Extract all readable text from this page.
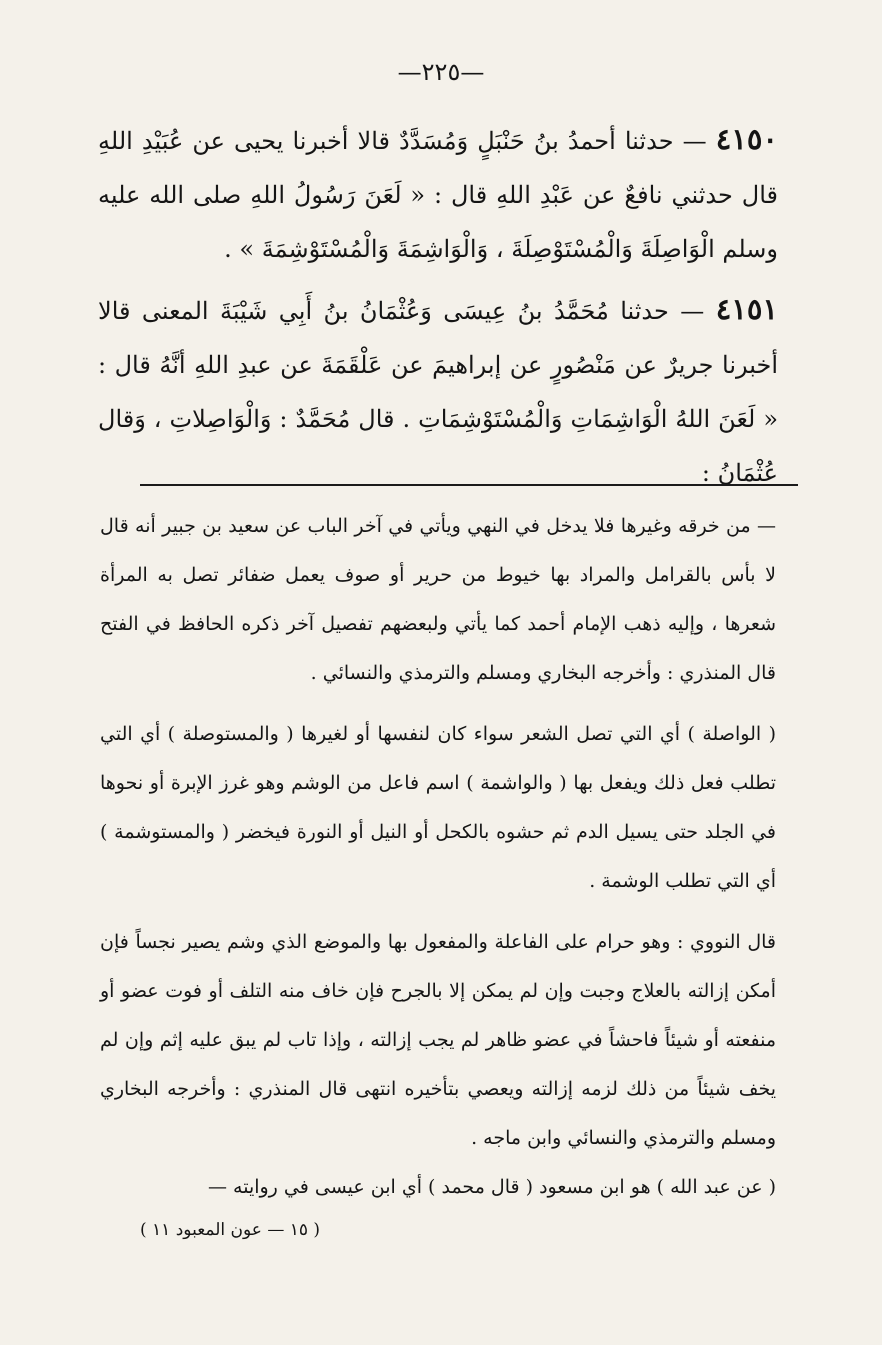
—٢٢٥—

٤١٥٠ — حدثنا أحمدُ بنُ حَنْبَلٍ وَمُسَدَّدٌ قالا أخبرنا يحيى عن عُبَيْدِ اللهِ قال حدثني نافعٌ عن عَبْدِ اللهِ قال : « لَعَنَ رَسُولُ اللهِ صلى الله عليه وسلم الْوَاصِلَةَ وَالْمُسْتَوْصِلَةَ ، وَالْوَاشِمَةَ وَالْمُسْتَوْشِمَةَ » .

٤١٥١ — حدثنا مُحَمَّدُ بنُ عِيسَى وَعُثْمَانُ بنُ أَبِي شَيْبَةَ المعنى قالا أخبرنا جريرٌ عن مَنْصُورٍ عن إبراهيمَ عن عَلْقَمَةَ عن عبدِ اللهِ أنَّهُ قال : « لَعَنَ اللهُ الْوَاشِمَاتِ وَالْمُسْتَوْشِمَاتِ . قال مُحَمَّدٌ : وَالْوَاصِلاتِ ، وَقال عُثْمَانُ :

— من خرقه وغيرها فلا يدخل في النهي ويأتي في آخر الباب عن سعيد بن جبير أنه قال لا بأس بالقرامل والمراد بها خيوط من حرير أو صوف يعمل ضفائر تصل به المرأة شعرها ، وإليه ذهب الإمام أحمد كما يأتي ولبعضهم تفصيل آخر ذكره الحافظ في الفتح قال المنذري : وأخرجه البخاري ومسلم والترمذي والنسائي .

( الواصلة ) أي التي تصل الشعر سواء كان لنفسها أو لغيرها ( والمستوصلة ) أي التي تطلب فعل ذلك ويفعل بها ( والواشمة ) اسم فاعل من الوشم وهو غرز الإبرة أو نحوها في الجلد حتى يسيل الدم ثم حشوه بالكحل أو النيل أو النورة فيخضر ( والمستوشمة ) أي التي تطلب الوشمة .

قال النووي : وهو حرام على الفاعلة والمفعول بها والموضع الذي وشم يصير نجساً فإن أمكن إزالته بالعلاج وجبت وإن لم يمكن إلا بالجرح فإن خاف منه التلف أو فوت عضو أو منفعته أو شيئاً فاحشاً في عضو ظاهر لم يجب إزالته ، وإذا تاب لم يبق عليه إثم وإن لم يخف شيئاً من ذلك لزمه إزالته ويعصي بتأخيره انتهى قال المنذري : وأخرجه البخاري ومسلم والترمذي والنسائي وابن ماجه .

( عن عبد الله ) هو ابن مسعود ( قال محمد ) أي ابن عيسى في روايته —

( ١٥ — عون المعبود ١١ )
